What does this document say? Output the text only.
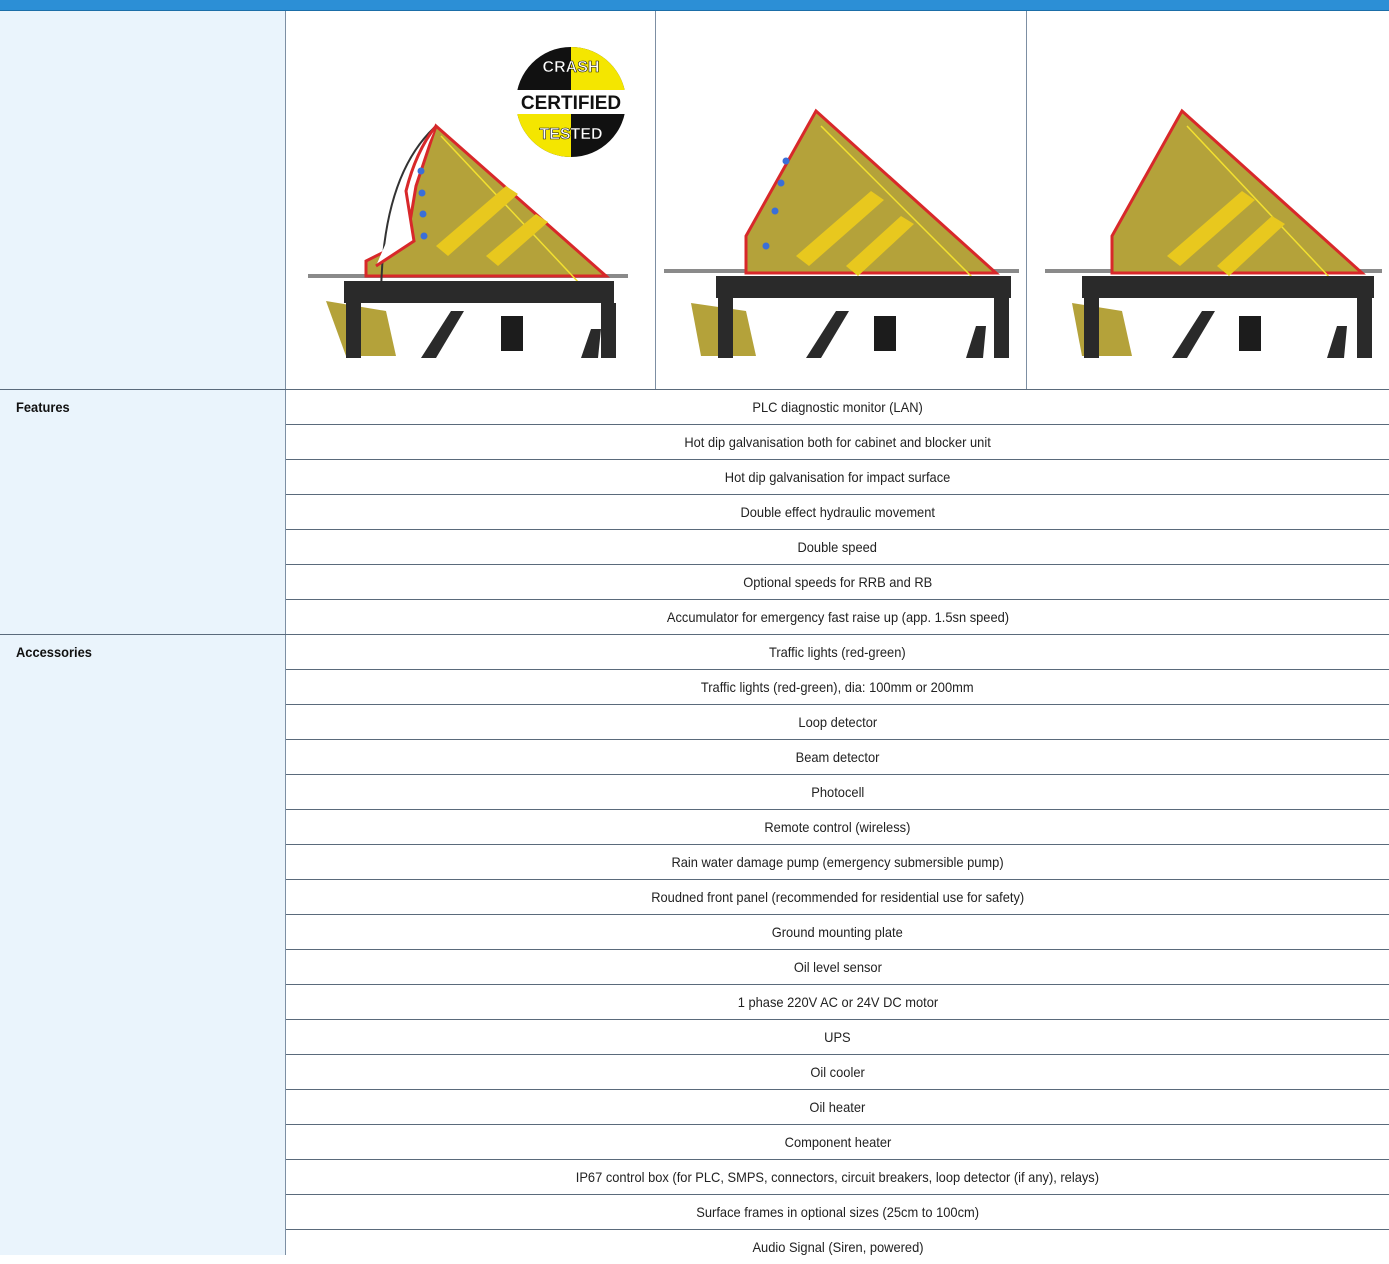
CRASH
CERTIFIED
TESTED
Features
Accessories
PLC diagnostic monitor (LAN)
Hot dip galvanisation both for cabinet and blocker unit
Hot dip galvanisation for impact surface
Double effect hydraulic movement
Double speed
Optional speeds for RRB and RB
Accumulator for emergency fast raise up (app. 1.5sn speed)
Traffic lights (red-green)
Traffic lights (red-green), dia: 100mm or 200mm
Loop detector
Beam detector
Photocell
Remote control (wireless)
Rain water damage pump (emergency submersible pump)
Roudned front panel (recommended for residential use for safety)
Ground mounting plate
Oil level sensor
1 phase 220V AC or 24V DC motor
UPS
Oil cooler
Oil heater
Component heater
IP67 control box (for PLC, SMPS, connectors, circuit breakers, loop detector (if any), relays)
Surface frames in optional sizes (25cm to 100cm)
Audio Signal (Siren, powered)
